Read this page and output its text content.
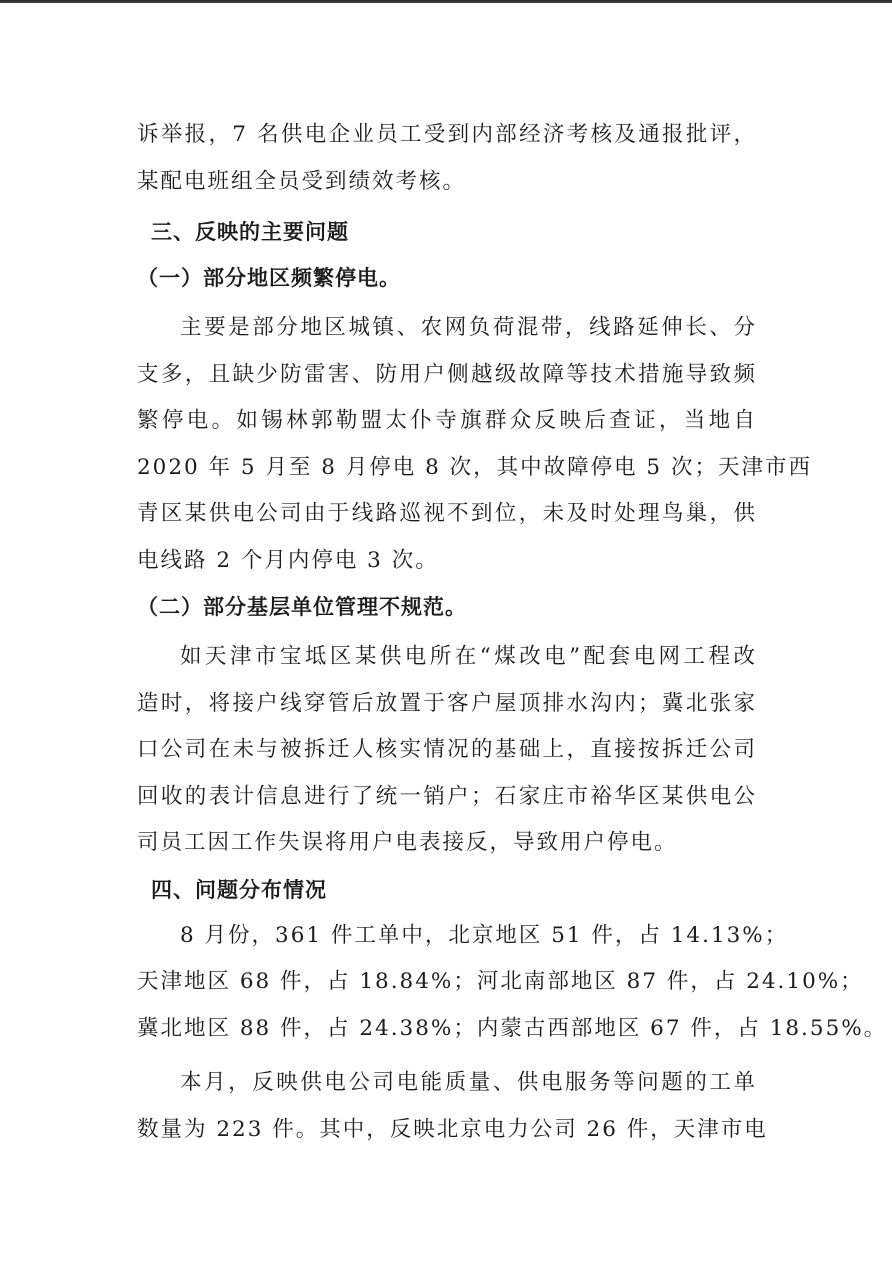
诉举报，7 名供电企业员工受到内部经济考核及通报批评，
某配电班组全员受到绩效考核。

三、反映的主要问题
（一）部分地区频繁停电。

主要是部分地区城镇、农网负荷混带，线路延伸长、分
支多，且缺少防雷害、防用户侧越级故障等技术措施导致频
繁停电。如锡林郭勒盟太仆寺旗群众反映后查证，当地自
2020 年 5 月至 8 月停电 8 次，其中故障停电 5 次；天津市西
青区某供电公司由于线路巡视不到位，未及时处理鸟巢，供
电线路 2 个月内停电 3 次。

（二）部分基层单位管理不规范。

如天津市宝坻区某供电所在“煤改电”配套电网工程改
造时，将接户线穿管后放置于客户屋顶排水沟内；冀北张家
口公司在未与被拆迁人核实情况的基础上，直接按拆迁公司
回收的表计信息进行了统一销户；石家庄市裕华区某供电公
司员工因工作失误将用户电表接反，导致用户停电。

四、问题分布情况

8 月份，361 件工单中，北京地区 51 件，占 14.13%；
天津地区 68 件，占 18.84%；河北南部地区 87 件，占 24.10%；
冀北地区 88 件，占 24.38%；内蒙古西部地区 67 件，占 18.55%。

本月，反映供电公司电能质量、供电服务等问题的工单
数量为 223 件。其中，反映北京电力公司 26 件，天津市电
